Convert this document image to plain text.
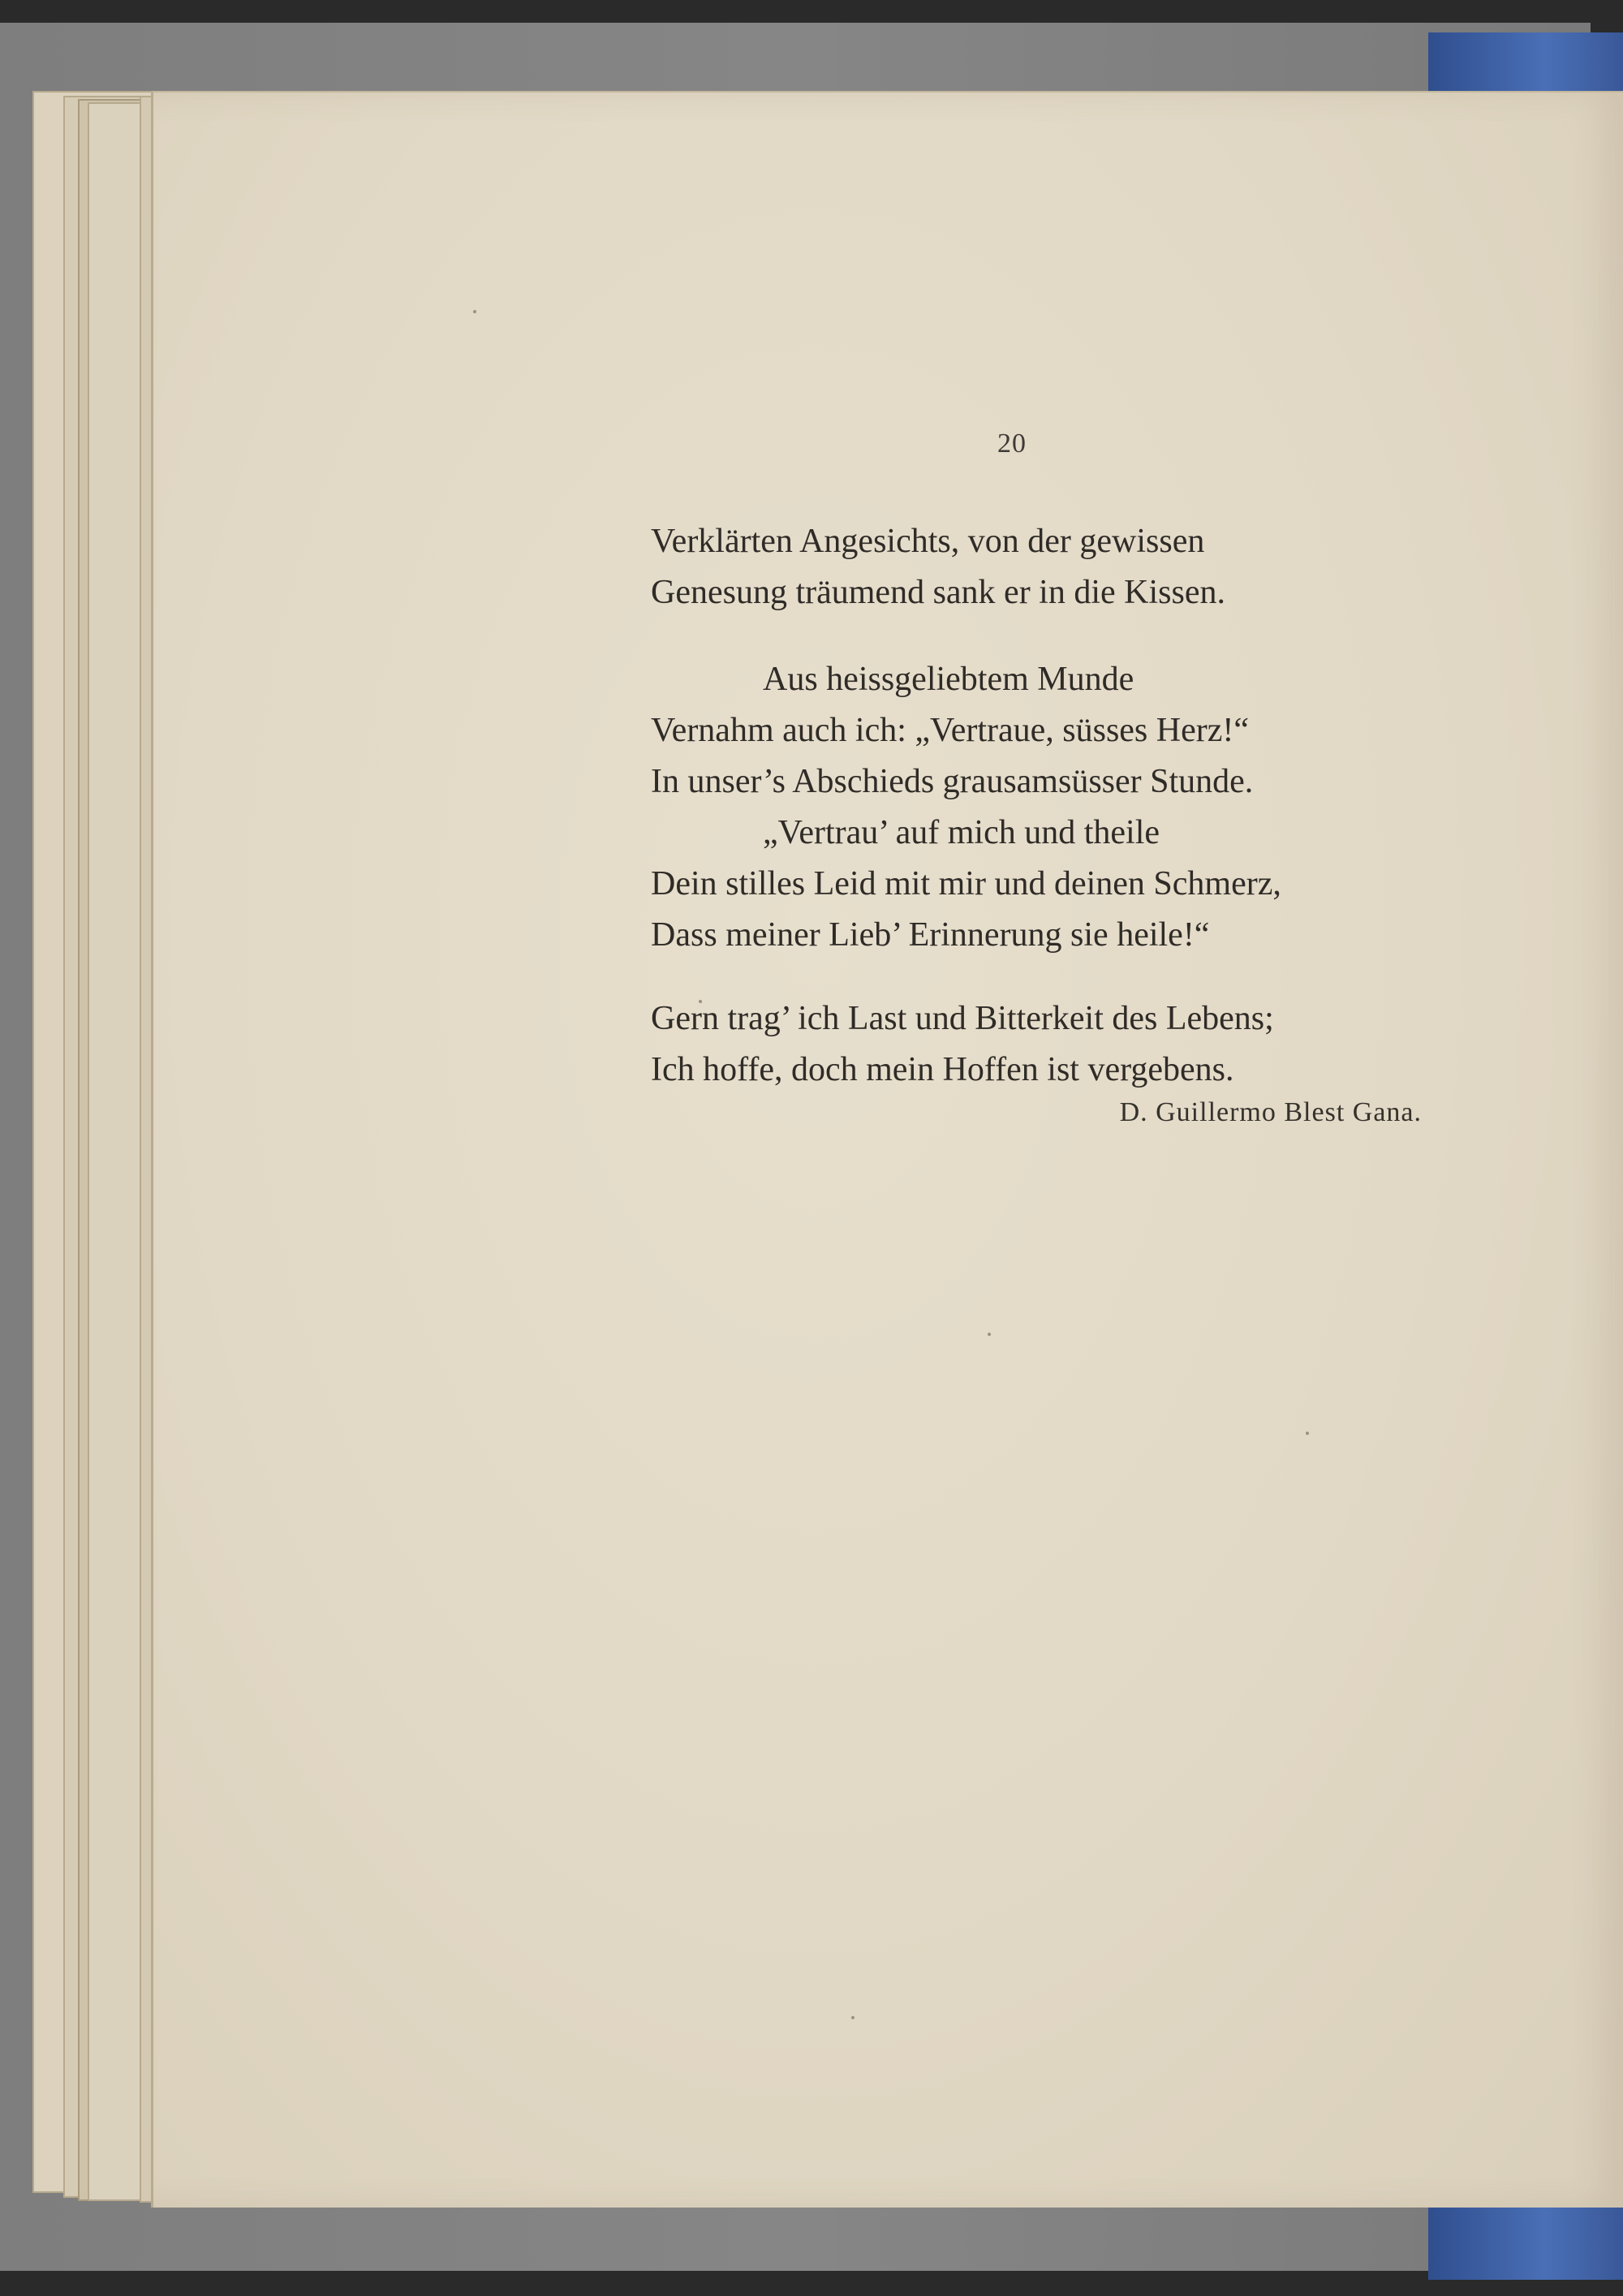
20
Verklärten Angesichts, von der gewissen
Genesung träumend sank er in die Kissen.
Aus heissgeliebtem Munde
Vernahm auch ich: „Vertraue, süsses Herz!“
In unser’s Abschieds grausamsüsser Stunde.
„Vertrau’ auf mich und theile
Dein stilles Leid mit mir und deinen Schmerz,
Dass meiner Lieb’ Erinnerung sie heile!“
Gern trag’ ich Last und Bitterkeit des Lebens;
Ich hoffe, doch mein Hoffen ist vergebens.
D. Guillermo Blest Gana.
